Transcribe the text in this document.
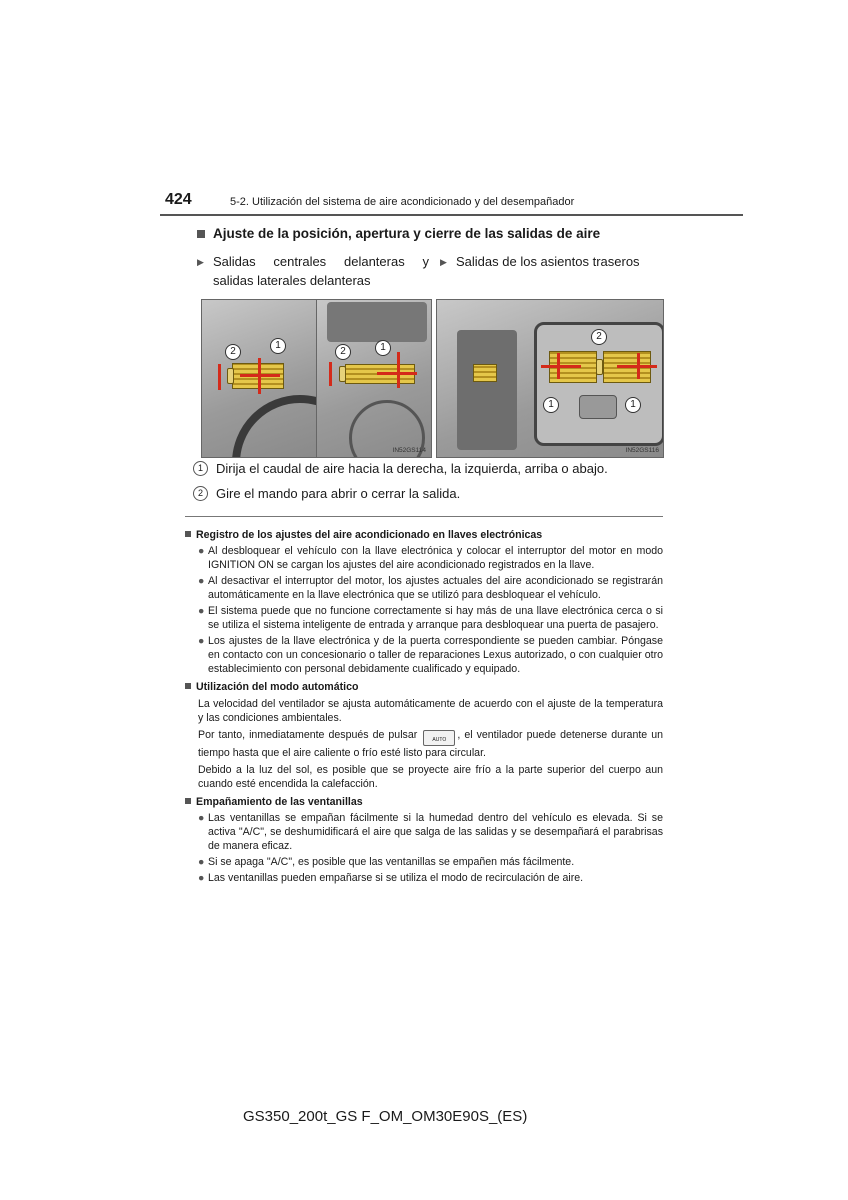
424	5-2. Utilización del sistema de aire acondicionado y del desempañador
Ajuste de la posición, apertura y cierre de las salidas de aire
▶ Salidas centrales delanteras y salidas laterales delanteras
▶ Salidas de los asientos traseros
2
1
2	1
IN52GS114
2
1	1
IN52GS116
1	Dirija el caudal de aire hacia la derecha, la izquierda, arriba o abajo.
2	Gire el mando para abrir o cerrar la salida.
Registro de los ajustes del aire acondicionado en llaves electrónicas
● Al desbloquear el vehículo con la llave electrónica y colocar el interruptor del motor en modo IGNITION ON se cargan los ajustes del aire acondicionado registrados en la llave.
● Al desactivar el interruptor del motor, los ajustes actuales del aire acondicionado se registrarán automáticamente en la llave electrónica que se utilizó para desbloquear el vehículo.
● El sistema puede que no funcione correctamente si hay más de una llave electrónica cerca o si se utiliza el sistema inteligente de entrada y arranque para desbloquear una puerta de pasajero.
● Los ajustes de la llave electrónica y de la puerta correspondiente se pueden cambiar. Póngase en contacto con un concesionario o taller de reparaciones Lexus autorizado, o con cualquier otro establecimiento con personal debidamente cualificado y equipado.
Utilización del modo automático
La velocidad del ventilador se ajusta automáticamente de acuerdo con el ajuste de la temperatura y las condiciones ambientales.
Por tanto, inmediatamente después de pulsar	AUTO , el ventilador puede detenerse durante un tiempo hasta que el aire caliente o frío esté listo para circular.
Debido a la luz del sol, es posible que se proyecte aire frío a la parte superior del cuerpo aun cuando esté encendida la calefacción.
Empañamiento de las ventanillas
● Las ventanillas se empañan fácilmente si la humedad dentro del vehículo es elevada. Si se activa "A/C", se deshumidificará el aire que salga de las salidas y se desempañará el parabrisas de manera eficaz.
● Si se apaga "A/C", es posible que las ventanillas se empañen más fácilmente.
● Las ventanillas pueden empañarse si se utiliza el modo de recirculación de aire.
GS350_200t_GS F_OM_OM30E90S_(ES)
